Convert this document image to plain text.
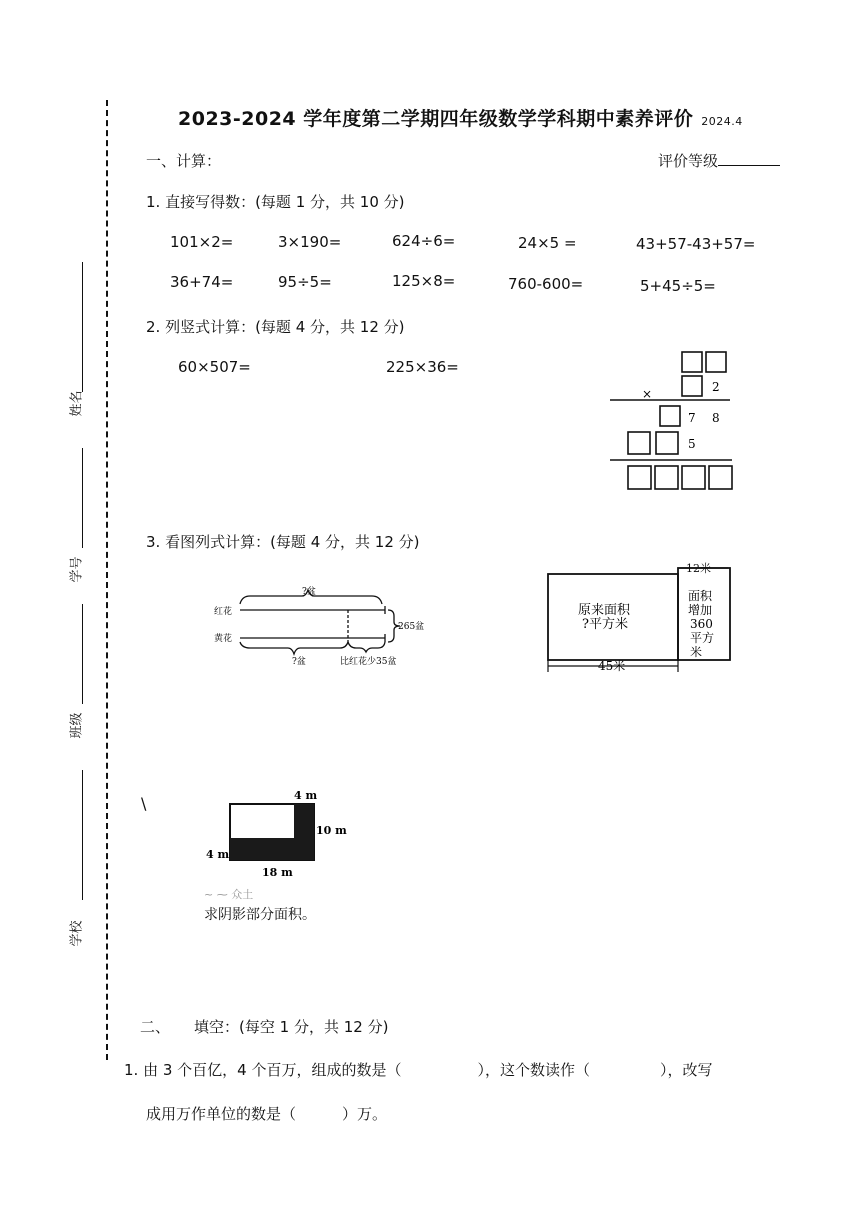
2023-2024 学年度第二学期四年级数学学科期中素养评价 2024.4
姓名
学号
班级
学校
一、计算：	评价等级
1. 直接写得数：(每题 1 分，共 10 分)
101×2=	3×190=	624÷6=	24×5 =	43+57-43+57=
36+74=	95÷5=	125×8=	760-600=	5+45÷5=
2. 列竖式计算：(每题 4 分，共 12 分)
60×507=	225×36=
×	2
7 8
5
3. 看图列式计算：(每题 4 分，共 12 分)
?盆
红花
黄花
265盆
?盆	比红花少35盆
12米
原来面积
?平方米
面积
增加
360
平方
米
45米
\	4 m
10 m
4 m
18 m
~ ⁓ 众土
求阴影部分面积。
二、 填空：(每空 1 分，共 12 分)
1. 由 3 个百亿，4 个百万，组成的数是（	），这个数读作（	），改写
成用万作单位的数是（	）万。
